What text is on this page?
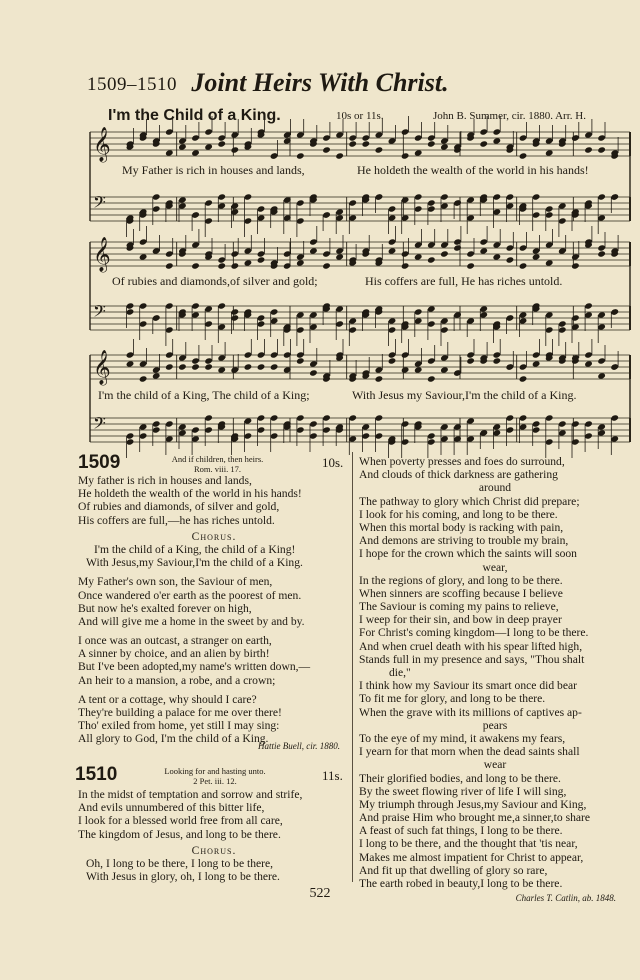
1509–1510 Joint Heirs With Christ.
I'm the Child of a King.	10s or 11s.	John B. Summer, cir. 1880. Arr. H.
𝄞
𝄢
𝄞
𝄢
𝄞
𝄢
My Father is rich in houses and lands,	He holdeth the wealth of the world in his hands!
Of rubies and diamonds,of silver and gold;	His coffers are full, He has riches untold.
I'm the child of a King, The child of a King;	With Jesus my Saviour,I'm the child of a King.
1509	And if children, then heirs.
Rom. viii. 17.	10s.
My father is rich in houses and lands,
He holdeth the wealth of the world in his hands!
Of rubies and diamonds, of silver and gold,
His coffers are full,—he has riches untold.
Chorus.
I'm the child of a King, the child of a King!
With Jesus,my Saviour,I'm the child of a King.
My Father's own son, the Saviour of men,
Once wandered o'er earth as the poorest of men.
But now he's exalted forever on high,
And will give me a home in the sweet by and by.
I once was an outcast, a stranger on earth,
A sinner by choice, and an alien by birth!
But I've been adopted,my name's written down,—
An heir to a mansion, a robe, and a crown;
A tent or a cottage, why should I care?
They're building a palace for me over there!
Tho' exiled from home, yet still I may sing:
All glory to God, I'm the child of a King.
Hattie Buell, cir. 1880.
1510	Looking for and hasting unto.
2 Pet. iii. 12.	11s.
In the midst of temptation and sorrow and strife,
And evils unnumbered of this bitter life,
I look for a blessed world free from all care,
The kingdom of Jesus, and long to be there.
Chorus.
Oh, I long to be there, I long to be there,
With Jesus in glory, oh, I long to be there.
When poverty presses and foes do surround,
And clouds of thick darkness are gathering
around
The pathway to glory which Christ did prepare;
I look for his coming, and long to be there.
When this mortal body is racking with pain,
And demons are striving to trouble my brain,
I hope for the crown which the saints will soon
wear,
In the regions of glory, and long to be there.
When sinners are scoffing because I believe
The Saviour is coming my pains to relieve,
I weep for their sin, and bow in deep prayer
For Christ's coming kingdom—I long to be there.
And when cruel death with his spear lifted high,
Stands full in my presence and says, "Thou shalt
die,"
I think how my Saviour its smart once did bear
To fit me for glory, and long to be there.
When the grave with its millions of captives ap-
pears
To the eye of my mind, it awakens my fears,
I yearn for that morn when the dead saints shall
wear
Their glorified bodies, and long to be there.
By the sweet flowing river of life I will sing,
My triumph through Jesus,my Saviour and King,
And praise Him who brought me,a sinner,to share
A feast of such fat things, I long to be there.
I long to be there, and the thought that 'tis near,
Makes me almost impatient for Christ to appear,
And fit up that dwelling of glory so rare,
The earth robed in beauty,I long to be there.
Charles T. Catlin, ab. 1848.
522
